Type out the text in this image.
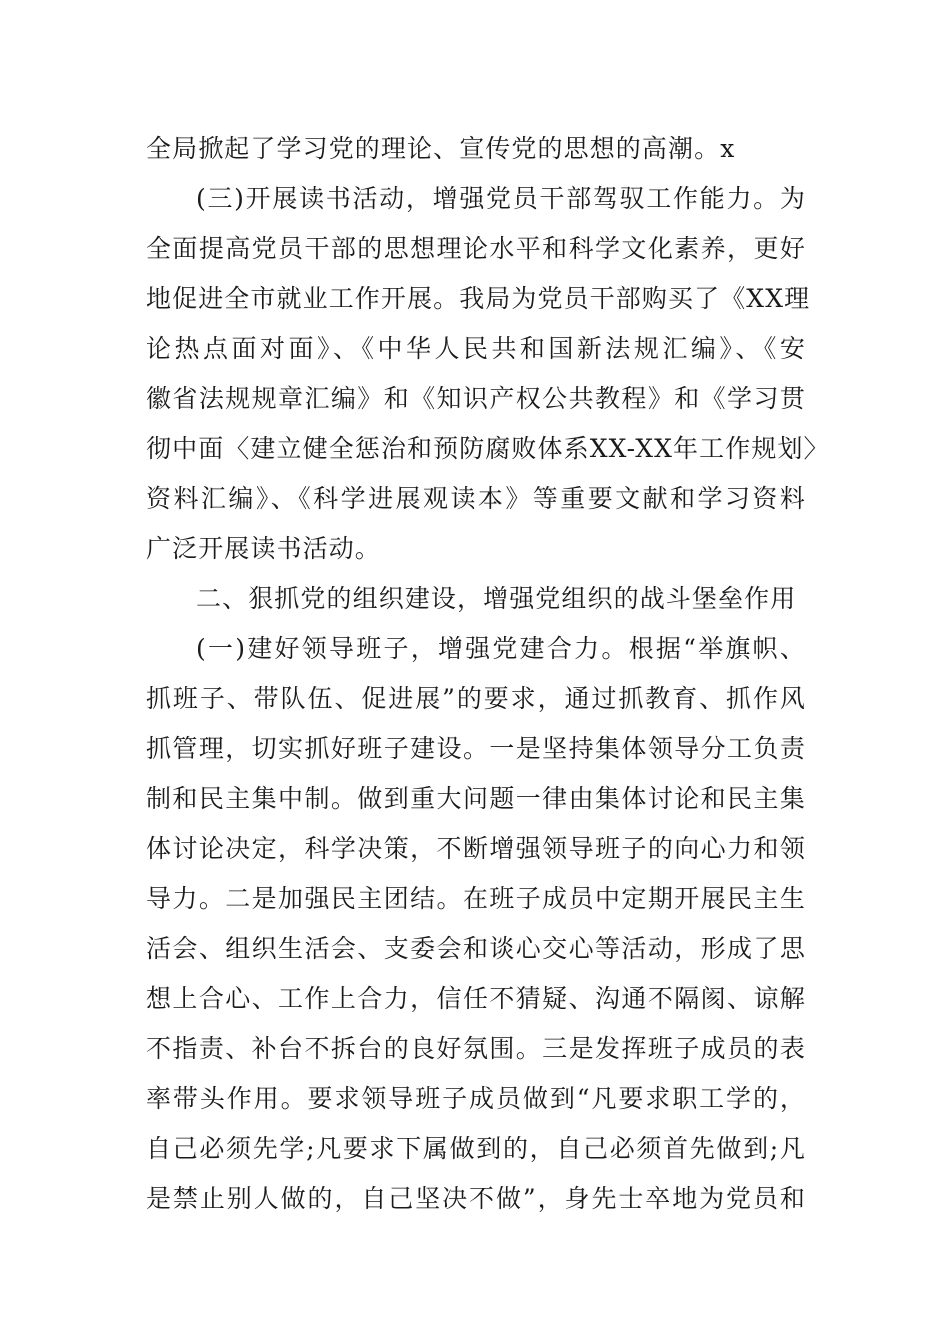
全局掀起了学习党的理论、宣传党的思想的高潮。x
(三)开展读书活动，增强党员干部驾驭工作能力。为
全面提高党员干部的思想理论水平和科学文化素养，更好
地促进全市就业工作开展。我局为党员干部购买了《XX理
论热点面对面》、《中华人民共和国新法规汇编》、《安
徽省法规规章汇编》和《知识产权公共教程》和《学习贯
彻中面〈建立健全惩治和预防腐败体系XX-XX年工作规划〉
资料汇编》、《科学进展观读本》等重要文献和学习资料
广泛开展读书活动。
二、狠抓党的组织建设，增强党组织的战斗堡垒作用
(一)建好领导班子，增强党建合力。根据“举旗帜、
抓班子、带队伍、促进展”的要求，通过抓教育、抓作风
抓管理，切实抓好班子建设。一是坚持集体领导分工负责
制和民主集中制。做到重大问题一律由集体讨论和民主集
体讨论决定，科学决策，不断增强领导班子的向心力和领
导力。二是加强民主团结。在班子成员中定期开展民主生
活会、组织生活会、支委会和谈心交心等活动，形成了思
想上合心、工作上合力，信任不猜疑、沟通不隔阂、谅解
不指责、补台不拆台的良好氛围。三是发挥班子成员的表
率带头作用。要求领导班子成员做到“凡要求职工学的，
自己必须先学;凡要求下属做到的，自己必须首先做到;凡
是禁止别人做的，自己坚决不做”，身先士卒地为党员和
